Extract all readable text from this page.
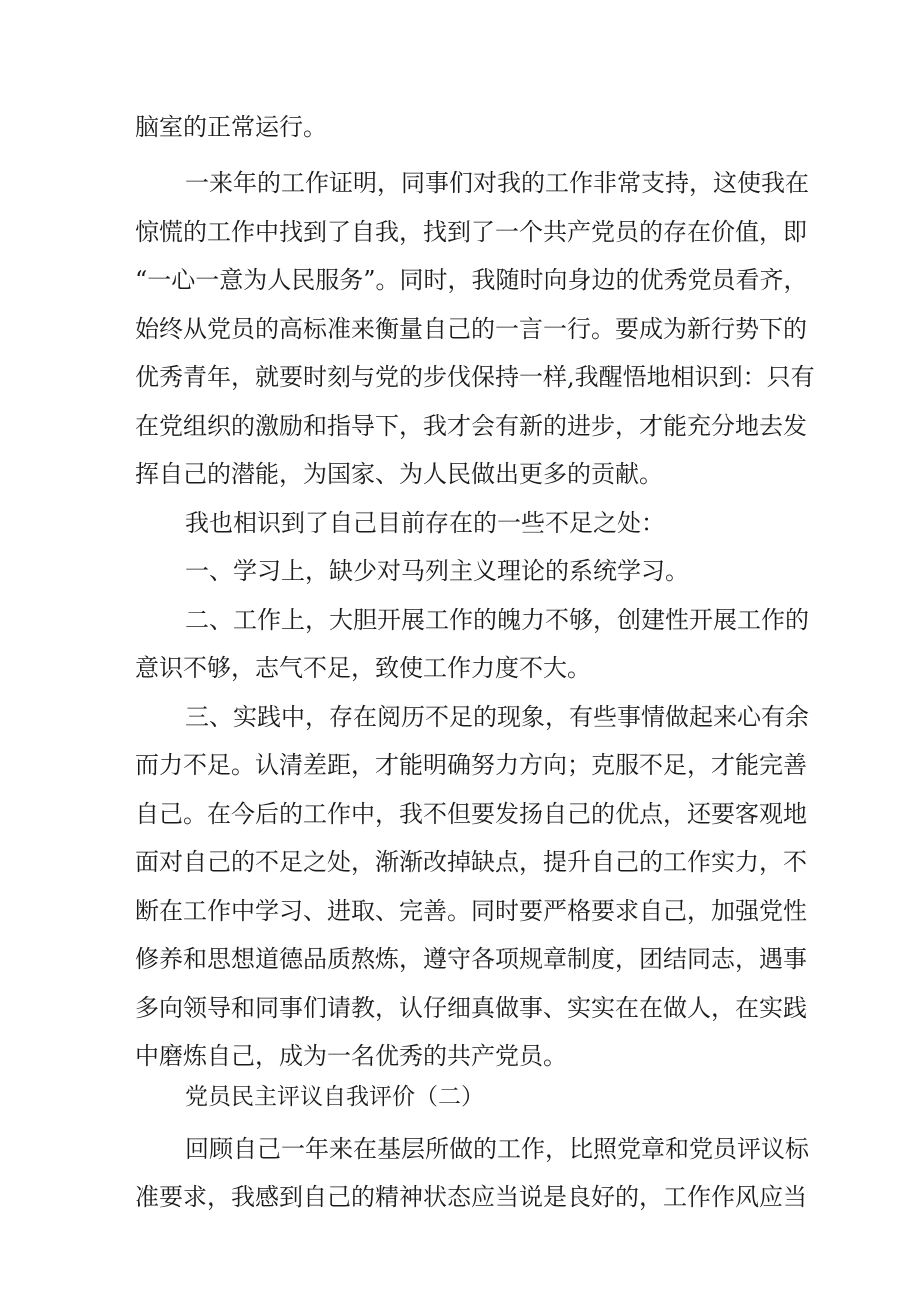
脑室的正常运行。
一来年的工作证明，同事们对我的工作非常支持，这使我在
惊慌的工作中找到了自我，找到了一个共产党员的存在价值，即
“一心一意为人民服务”。同时，我随时向身边的优秀党员看齐，
始终从党员的高标准来衡量自己的一言一行。要成为新行势下的
优秀青年，就要时刻与党的步伐保持一样,我醒悟地相识到：只有
在党组织的激励和指导下，我才会有新的进步，才能充分地去发
挥自己的潜能，为国家、为人民做出更多的贡献。
我也相识到了自己目前存在的一些不足之处：
一、学习上，缺少对马列主义理论的系统学习。
二、工作上，大胆开展工作的魄力不够，创建性开展工作的
意识不够，志气不足，致使工作力度不大。
三、实践中，存在阅历不足的现象，有些事情做起来心有余
而力不足。认清差距，才能明确努力方向；克服不足，才能完善
自己。在今后的工作中，我不但要发扬自己的优点，还要客观地
面对自己的不足之处，渐渐改掉缺点，提升自己的工作实力，不
断在工作中学习、进取、完善。同时要严格要求自己，加强党性
修养和思想道德品质熬炼，遵守各项规章制度，团结同志，遇事
多向领导和同事们请教，认仔细真做事、实实在在做人，在实践
中磨炼自己，成为一名优秀的共产党员。
党员民主评议自我评价（二）
回顾自己一年来在基层所做的工作，比照党章和党员评议标
准要求，我感到自己的精神状态应当说是良好的，工作作风应当
